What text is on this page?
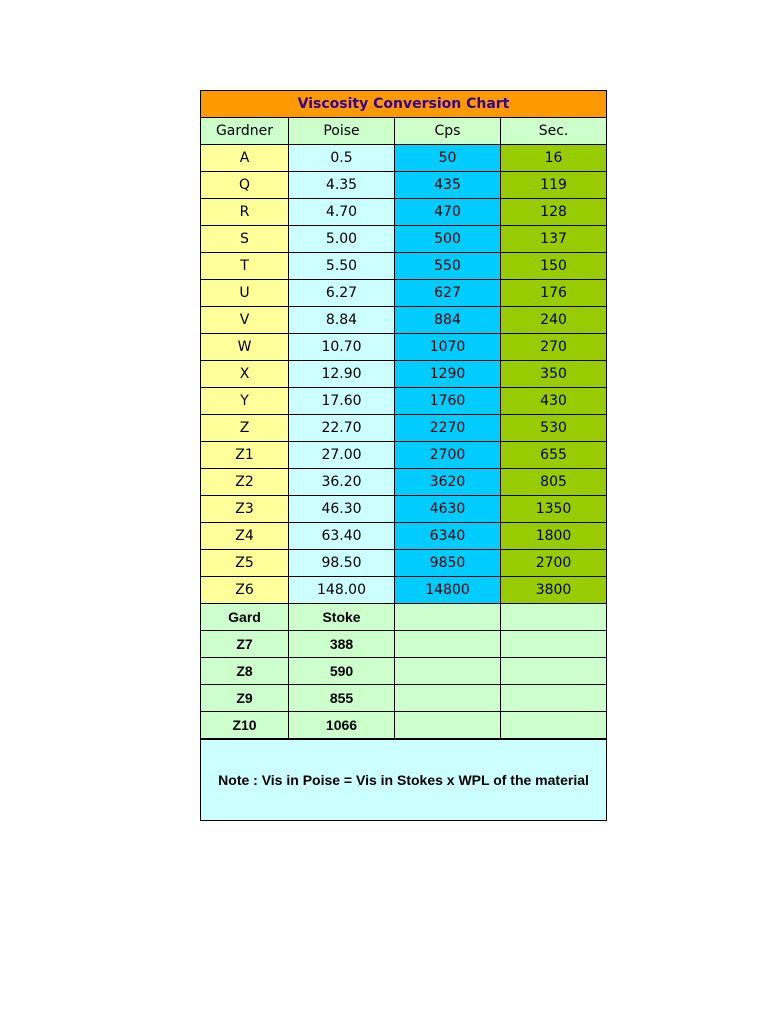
Viscosity Conversion Chart			
Gardner	Poise	Cps	Sec.
A	0.5	50	16
Q	4.35	435	119
R	4.70	470	128
S	5.00	500	137
T	5.50	550	150
U	6.27	627	176
V	8.84	884	240
W	10.70	1070	270
X	12.90	1290	350
Y	17.60	1760	430
Z	22.70	2270	530
Z1	27.00	2700	655
Z2	36.20	3620	805
Z3	46.30	4630	1350
Z4	63.40	6340	1800
Z5	98.50	9850	2700
Z6	148.00	14800	3800
Gard	Stoke		
Z7	388		
Z8	590		
Z9	855		
Z10	1066		
Note : Vis in Poise = Vis in Stokes x WPL of the material			
